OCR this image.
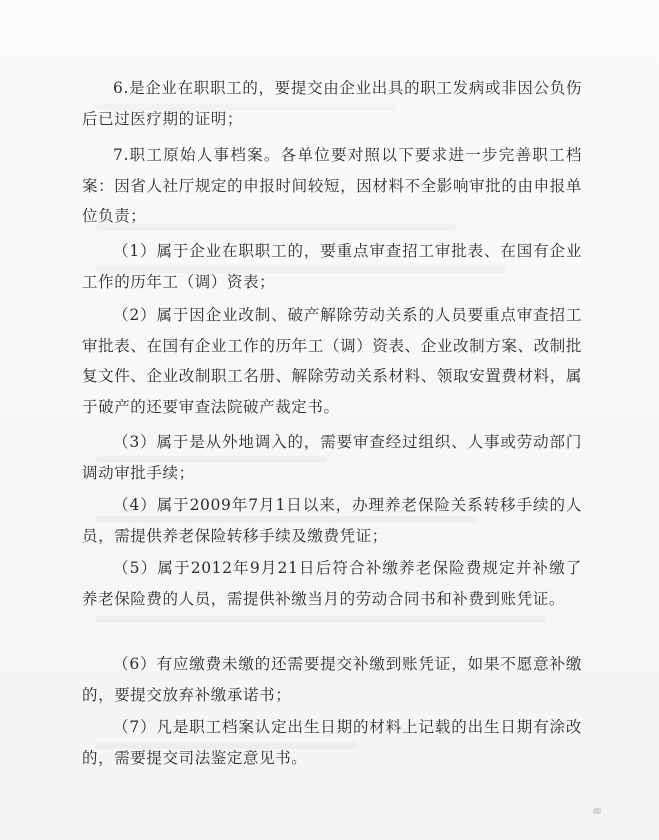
6.是企业在职职工的，要提交由企业出具的职工发病或非因公负伤后已过医疗期的证明；

7.职工原始人事档案。各单位要对照以下要求进一步完善职工档案：因省人社厅规定的申报时间较短，因材料不全影响审批的由申报单位负责；

（1）属于企业在职职工的，要重点审查招工审批表、在国有企业工作的历年工（调）资表；

（2）属于因企业改制、破产解除劳动关系的人员要重点审查招工审批表、在国有企业工作的历年工（调）资表、企业改制方案、改制批复文件、企业改制职工名册、解除劳动关系材料、领取安置费材料，属于破产的还要审查法院破产裁定书。

（3）属于是从外地调入的，需要审查经过组织、人事或劳动部门调动审批手续；

（4）属于2009年7月1日以来，办理养老保险关系转移手续的人员，需提供养老保险转移手续及缴费凭证；

（5）属于2012年9月21日后符合补缴养老保险费规定并补缴了养老保险费的人员，需提供补缴当月的劳动合同书和补费到账凭证。

（6）有应缴费未缴的还需要提交补缴到账凭证，如果不愿意补缴的，要提交放弃补缴承诺书；

（7）凡是职工档案认定出生日期的材料上记载的出生日期有涂改的，需要提交司法鉴定意见书。
